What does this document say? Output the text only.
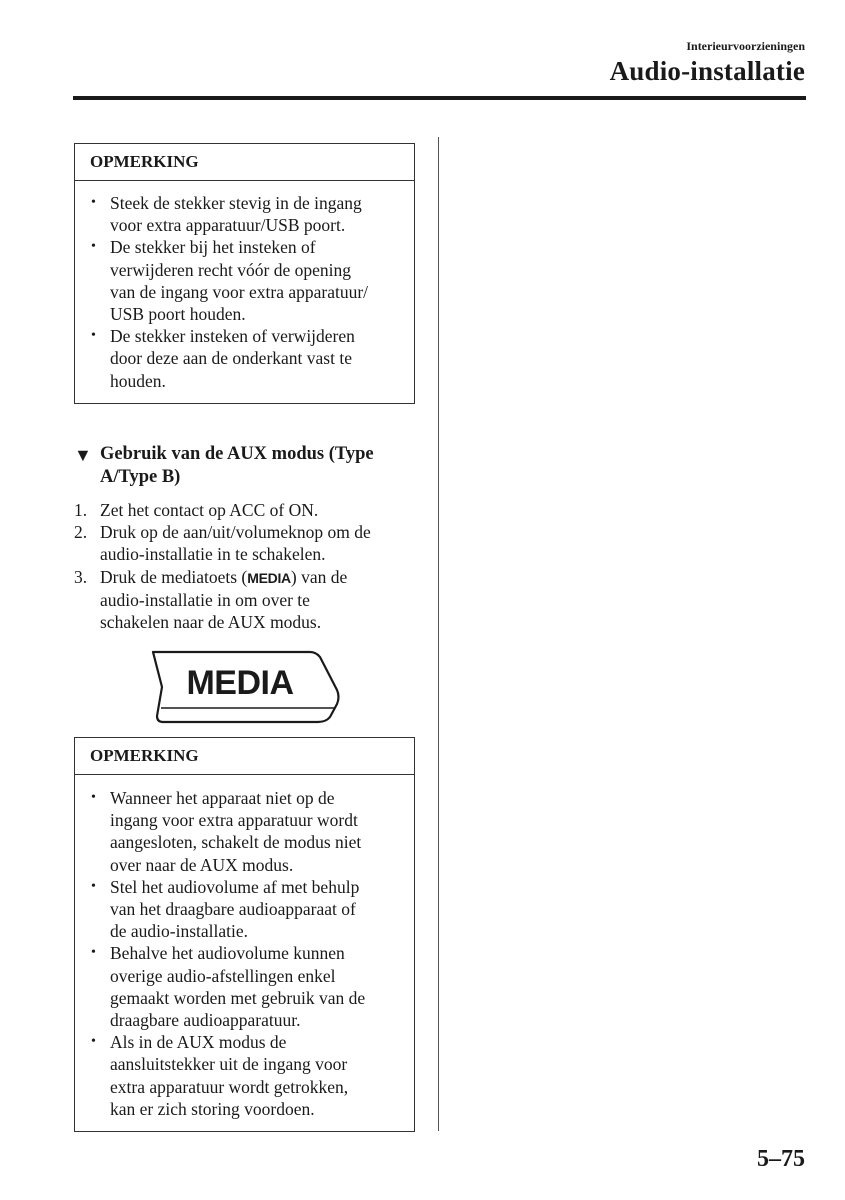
Interieurvoorzieningen
Audio-installatie
OPMERKING
• Steek de stekker stevig in de ingang
voor extra apparatuur/USB poort.
• De stekker bij het insteken of
verwijderen recht vóór de opening
van de ingang voor extra apparatuur/
USB poort houden.
• De stekker insteken of verwijderen
door deze aan de onderkant vast te
houden.
▼ Gebruik van de AUX modus (Type
A/Type B)
1. Zet het contact op ACC of ON.
2. Druk op de aan/uit/volumeknop om de
audio-installatie in te schakelen.
3. Druk de mediatoets (MEDIA) van de
audio-installatie in om over te
schakelen naar de AUX modus.
MEDIA
OPMERKING
• Wanneer het apparaat niet op de
ingang voor extra apparatuur wordt
aangesloten, schakelt de modus niet
over naar de AUX modus.
• Stel het audiovolume af met behulp
van het draagbare audioapparaat of
de audio-installatie.
• Behalve het audiovolume kunnen
overige audio-afstellingen enkel
gemaakt worden met gebruik van de
draagbare audioapparatuur.
• Als in de AUX modus de
aansluitstekker uit de ingang voor
extra apparatuur wordt getrokken,
kan er zich storing voordoen.
5–75
